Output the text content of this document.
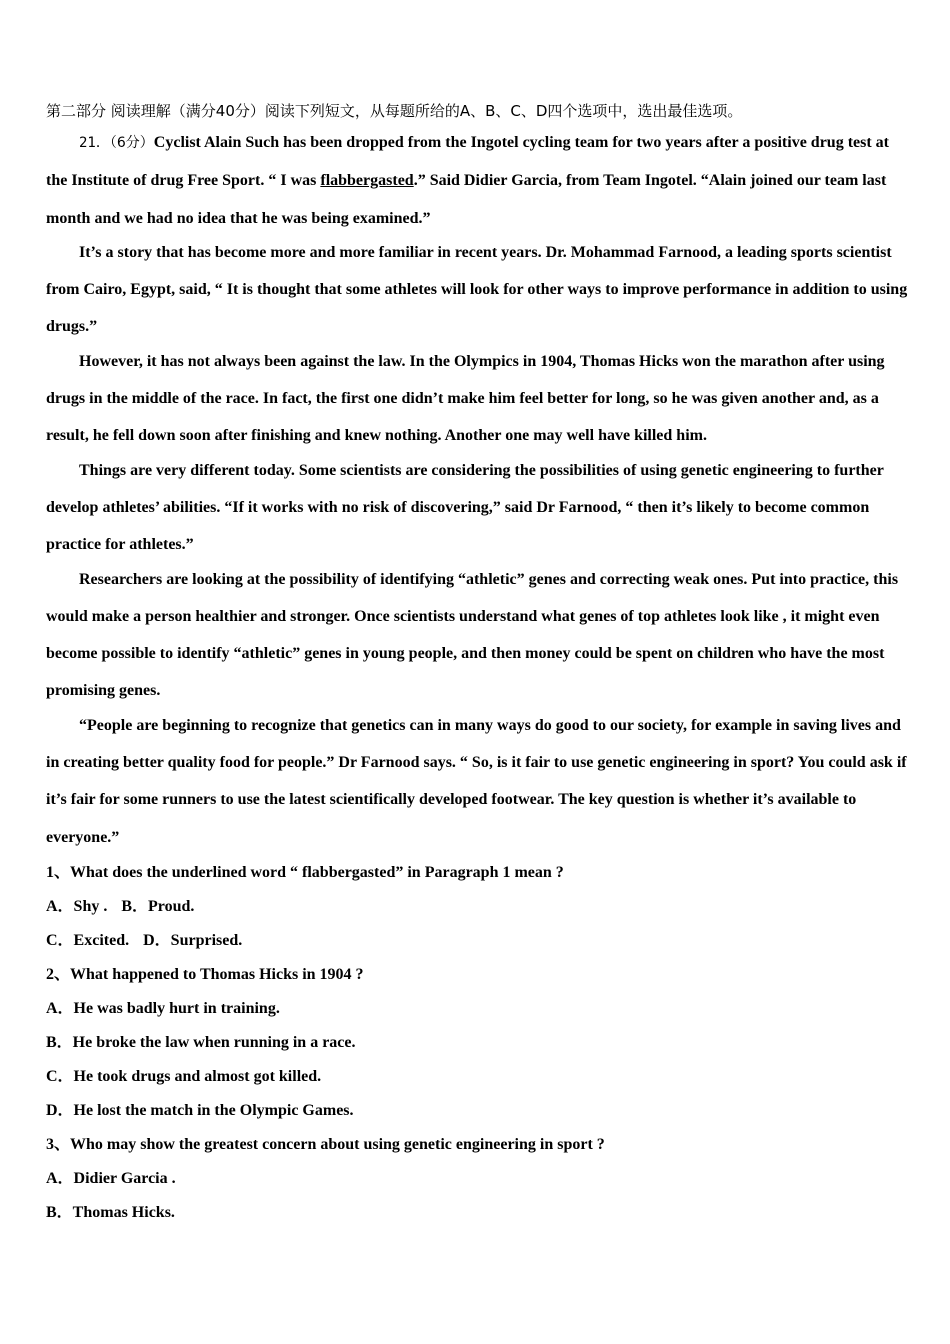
第二部分 阅读理解（满分40分）阅读下列短文，从每题所给的A、B、C、D四个选项中，选出最佳选项。

21．（6分）Cyclist Alain Such has been dropped from the Ingotel cycling team for two years after a positive drug test at the Institute of drug Free Sport. “ I was flabbergasted.” Said Didier Garcia, from Team Ingotel. “Alain joined our team last month and we had no idea that he was being examined.”

It’s a story that has become more and more familiar in recent years. Dr. Mohammad Farnood, a leading sports scientist from Cairo, Egypt, said, “ It is thought that some athletes will look for other ways to improve performance in addition to using drugs.”

However, it has not always been against the law. In the Olympics in 1904, Thomas Hicks won the marathon after using drugs in the middle of the race. In fact, the first one didn’t make him feel better for long, so he was given another and, as a result, he fell down soon after finishing and knew nothing. Another one may well have killed him.

Things are very different today. Some scientists are considering the possibilities of using genetic engineering to further develop athletes’ abilities. “If it works with no risk of discovering,” said Dr Farnood, “ then it’s likely to become common practice for athletes.”

Researchers are looking at the possibility of identifying “athletic” genes and correcting weak ones. Put into practice, this would make a person healthier and stronger. Once scientists understand what genes of top athletes look like , it might even become possible to identify “athletic” genes in young people, and then money could be spent on children who have the most promising genes.

“People are beginning to recognize that genetics can in many ways do good to our society, for example in saving lives and in creating better quality food for people.” Dr Farnood says. “ So, is it fair to use genetic engineering in sport? You could ask if it’s fair for some runners to use the latest scientifically developed footwear. The key question is whether it’s available to everyone.”

1、What does the underlined word “ flabbergasted” in Paragraph 1 mean ?

A．Shy . B．Proud.

C．Excited. D．Surprised.

2、What happened to Thomas Hicks in 1904 ?

A．He was badly hurt in training.

B．He broke the law when running in a race.

C．He took drugs and almost got killed.

D．He lost the match in the Olympic Games.

3、Who may show the greatest concern about using genetic engineering in sport ?

A．Didier Garcia .

B．Thomas Hicks.
